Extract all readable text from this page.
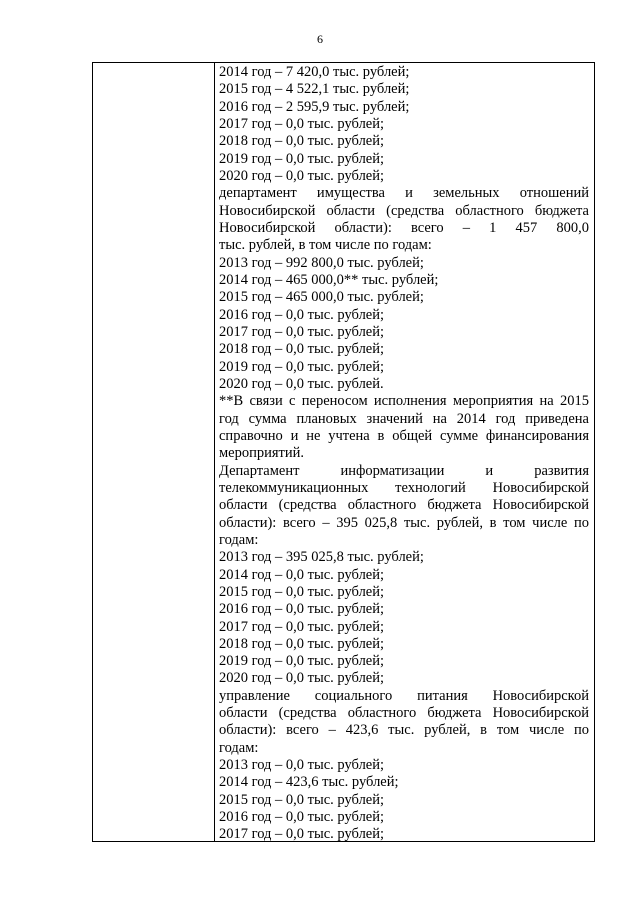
6
2014 год – 7 420,0 тыс. рублей;
2015 год – 4 522,1 тыс. рублей;
2016 год – 2 595,9 тыс. рублей;
2017 год – 0,0 тыс. рублей;
2018 год – 0,0 тыс. рублей;
2019 год – 0,0 тыс. рублей;
2020 год – 0,0 тыс. рублей;
департамент имущества и земельных отношений
Новосибирской области (средства областного бюджета
Новосибирской области): всего – 1 457 800,0
тыс. рублей, в том числе по годам:
2013 год – 992 800,0 тыс. рублей;
2014 год – 465 000,0** тыс. рублей;
2015 год – 465 000,0 тыс. рублей;
2016 год – 0,0 тыс. рублей;
2017 год – 0,0 тыс. рублей;
2018 год – 0,0 тыс. рублей;
2019 год – 0,0 тыс. рублей;
2020 год – 0,0 тыс. рублей.
**В связи с переносом исполнения мероприятия на 2015
год сумма плановых значений на 2014 год приведена
справочно и не учтена в общей сумме финансирования
мероприятий.
Департамент информатизации и развития
телекоммуникационных технологий Новосибирской
области (средства областного бюджета Новосибирской
области): всего – 395 025,8 тыс. рублей, в том числе по
годам:
2013 год – 395 025,8 тыс. рублей;
2014 год – 0,0 тыс. рублей;
2015 год – 0,0 тыс. рублей;
2016 год – 0,0 тыс. рублей;
2017 год – 0,0 тыс. рублей;
2018 год – 0,0 тыс. рублей;
2019 год – 0,0 тыс. рублей;
2020 год – 0,0 тыс. рублей;
управление социального питания Новосибирской
области (средства областного бюджета Новосибирской
области): всего – 423,6 тыс. рублей, в том числе по
годам:
2013 год – 0,0 тыс. рублей;
2014 год – 423,6 тыс. рублей;
2015 год – 0,0 тыс. рублей;
2016 год – 0,0 тыс. рублей;
2017 год – 0,0 тыс. рублей;
